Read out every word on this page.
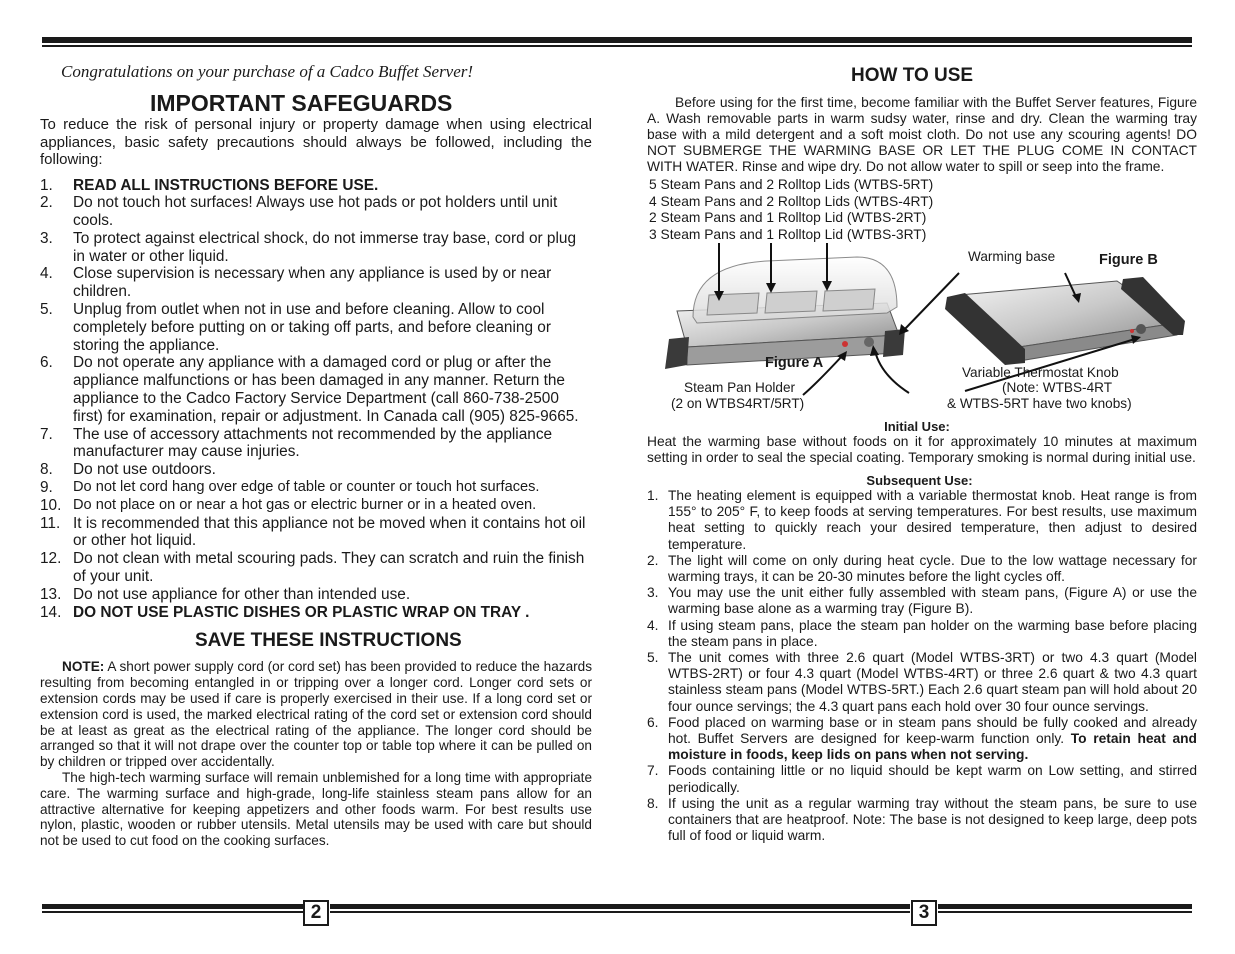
Congratulations on your purchase of a Cadco Buffet Server!
IMPORTANT SAFEGUARDS

To reduce the risk of personal injury or property damage when using electrical appliances, basic safety precautions should always be followed, including the following:

1.	READ ALL INSTRUCTIONS BEFORE USE.
2.	Do not touch hot surfaces! Always use hot pads or pot holders until unit cools.
3.	To protect against electrical shock, do not immerse tray base, cord or plug in water or other liquid.
4.	Close supervision is necessary when any appliance is used by or near children.
5.	Unplug from outlet when not in use and before cleaning. Allow to cool completely before putting on or taking off parts, and before cleaning or storing the appliance.
6.	Do not operate any appliance with a damaged cord or plug or after the appliance malfunctions or has been damaged in any manner. Return the appliance to the Cadco Factory Service Department (call 860-738-2500 first) for examination, repair or adjustment. In Canada call (905) 825-9665.
7.	The use of accessory attachments not recommended by the appliance manufacturer may cause injuries.
8.	Do not use outdoors.
9.	Do not let cord hang over edge of table or counter or touch hot surfaces.
10. Do not place on or near a hot gas or electric burner or in a heated oven.
11. It is recommended that this appliance not be moved when it contains hot oil or other hot liquid.
12. Do not clean with metal scouring pads. They can scratch and ruin the finish of your unit.
13. Do not use appliance for other than intended use.
14. DO NOT USE PLASTIC DISHES OR PLASTIC WRAP ON TRAY .
SAVE THESE INSTRUCTIONS

NOTE: A short power supply cord (or cord set) has been provided to reduce the hazards resulting from becoming entangled in or tripping over a longer cord. Longer cord sets or extension cords may be used if care is properly exercised in their use. If a long cord set or extension cord is used, the marked electrical rating of the cord set or extension cord should be at least as great as the electrical rating of the appliance. The longer cord should be arranged so that it will not drape over the counter top or table top where it can be pulled on by children or tripped over accidentally.

The high-tech warming surface will remain unblemished for a long time with appropriate care. The warming surface and high-grade, long-life stainless steam pans allow for an attractive alternative for keeping appetizers and other foods warm. For best results use nylon, plastic, wooden or rubber utensils. Metal utensils may be used with care but should not be used to cut food on the cooking surfaces.

HOW TO USE

Before using for the first time, become familiar with the Buffet Server features, Figure A. Wash removable parts in warm sudsy water, rinse and dry. Clean the warming tray base with a mild detergent and a soft moist cloth. Do not use any scouring agents! DO NOT SUBMERGE THE WARMING BASE OR LET THE PLUG COME IN CONTACT WITH WATER. Rinse and wipe dry. Do not allow water to spill or seep into the frame.

5 Steam Pans and 2 Rolltop Lids (WTBS-5RT)
4 Steam Pans and 2 Rolltop Lids (WTBS-4RT)
2 Steam Pans and 1 Rolltop Lid (WTBS-2RT)
3 Steam Pans and 1 Rolltop Lid (WTBS-3RT)
Warming base	Figure B
Figure A
Steam Pan Holder
(2 on WTBS4RT/5RT)
Variable Thermostat Knob
(Note: WTBS-4RT
& WTBS-5RT have two knobs)
Initial Use:

Heat the warming base without foods on it for approximately 10 minutes at maximum setting in order to seal the special coating. Temporary smoking is normal during initial use.

Subsequent Use:
1. The heating element is equipped with a variable thermostat knob. Heat range is from 155° to 205° F, to keep foods at serving temperatures. For best results, use maximum heat setting to quickly reach your desired temperature, then adjust to desired temperature.
2. The light will come on only during heat cycle. Due to the low wattage necessary for warming trays, it can be 20-30 minutes before the light cycles off.
3. You may use the unit either fully assembled with steam pans, (Figure A) or use the warming base alone as a warming tray (Figure B).
4. If using steam pans, place the steam pan holder on the warming base before placing the steam pans in place.
5. The unit comes with three 2.6 quart (Model WTBS-3RT) or two 4.3 quart (Model WTBS-2RT) or four 4.3 quart (Model WTBS-4RT) or three 2.6 quart & two 4.3 quart stainless steam pans (Model WTBS-5RT.) Each 2.6 quart steam pan will hold about 20 four ounce servings; the 4.3 quart pans each hold over 30 four ounce servings.
6. Food placed on warming base or in steam pans should be fully cooked and already hot. Buffet Servers are designed for keep-warm function only. To retain heat and moisture in foods, keep lids on pans when not serving.
7. Foods containing little or no liquid should be kept warm on Low setting, and stirred periodically.
8. If using the unit as a regular warming tray without the steam pans, be sure to use containers that are heatproof. Note: The base is not designed to keep large, deep pots full of food or liquid warm.
2	3
